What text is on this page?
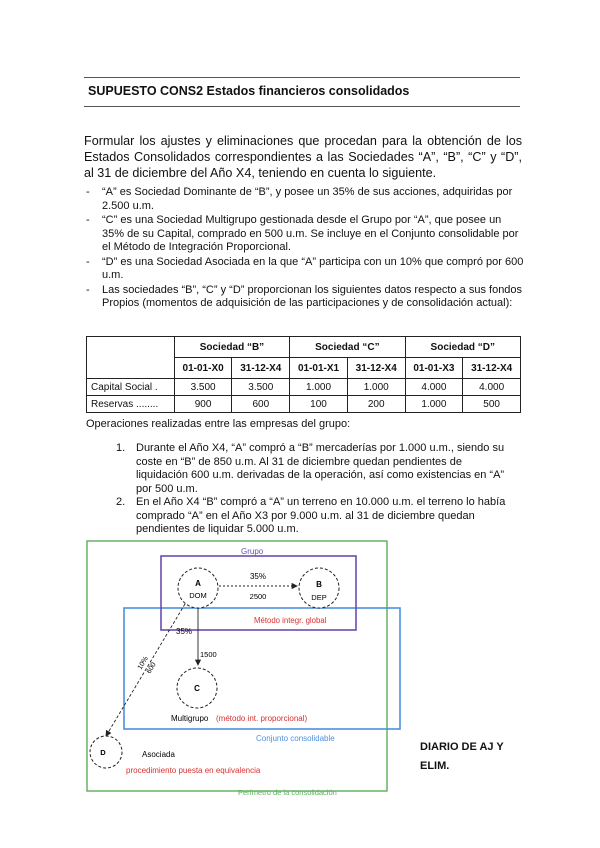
SUPUESTO CONS2 Estados financieros consolidados
Formular los ajustes y eliminaciones que procedan para la obtención de los Estados Consolidados correspondientes a las Sociedades “A”, “B”, “C” y “D”, al 31 de diciembre del Año X4, teniendo en cuenta lo siguiente.
- “A” es Sociedad Dominante de “B”, y posee un 35% de sus acciones, adquiridas por 2.500 u.m.
- “C” es una Sociedad Multigrupo gestionada desde el Grupo por “A”, que posee un 35% de su Capital, comprado en 500 u.m. Se incluye en el Conjunto consolidable por el Método de Integración Proporcional.
- “D” es una Sociedad Asociada en la que “A” participa con un 10% que compró por 600 u.m.
- Las sociedades “B”, “C” y “D” proporcionan los siguientes datos respecto a sus fondos Propios (momentos de adquisición de las participaciones y de consolidación actual):
	Sociedad “B”		Sociedad “C”		Sociedad “D”	
	01-01-X0	31-12-X4	01-01-X1	31-12-X4	01-01-X3	31-12-X4
Capital Social .	3.500	3.500	1.000	1.000	4.000	4.000
Reservas ........	900	600	100	200	1.000	500
Operaciones realizadas entre las empresas del grupo:
1. Durante el Año X4, “A” compró a “B” mercaderías por 1.000 u.m., siendo su coste en “B” de 850 u.m. Al 31 de diciembre quedan pendientes de liquidación 600 u.m. derivadas de la operación, así como existencias en “A” por 500 u.m.
2. En el Año X4 “B” compró a “A” un terreno en 10.000 u.m. el terreno lo había comprado “A” en el Año X3 por 9.000 u.m. al 31 de diciembre quedan pendientes de liquidar 5.000 u.m.
Grupo
A
DOM
B
DEP
35%
2500
Método integr. global
35%
1500
C
Multigrupo (método int. proporcional)
Conjunto consolidable
10%
600
D	Asociada
procedimiento puesta en equivalencia
Perímetro de la consolidación
DIARIO DE AJ Y ELIM.
